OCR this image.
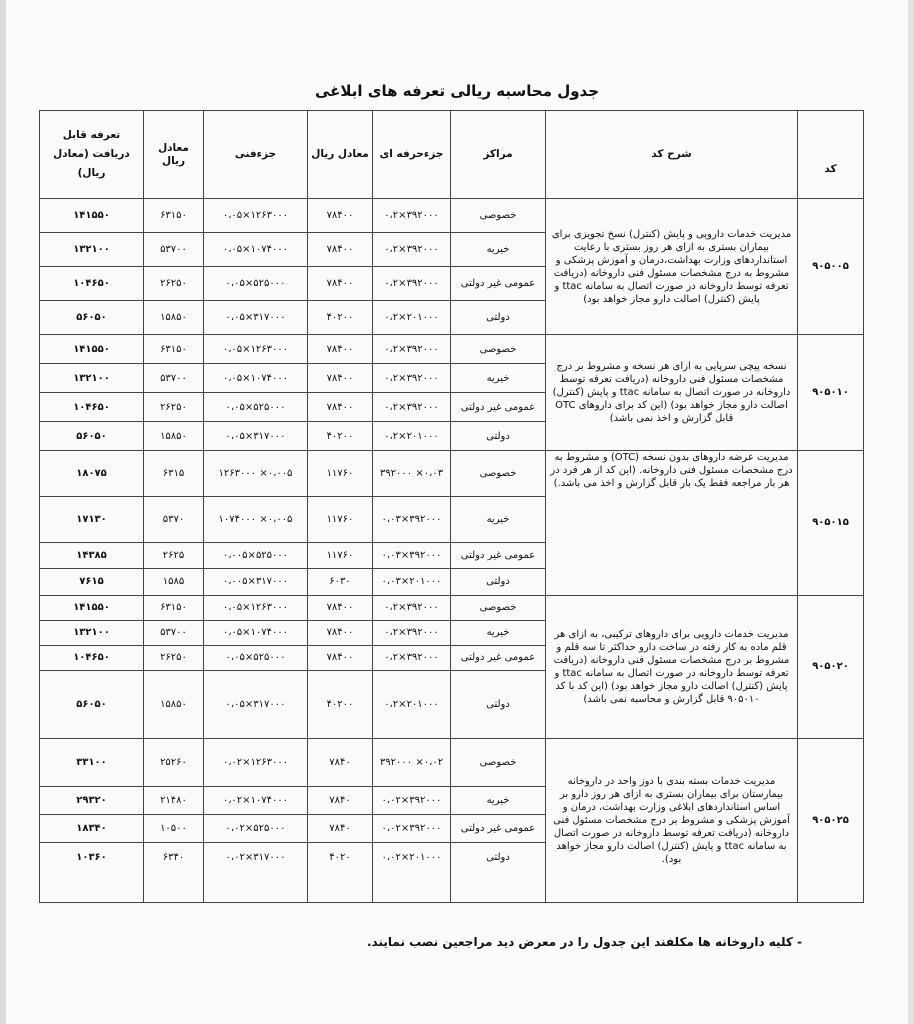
جدول محاسبه ریالی تعرفه های ابلاغی
کد	شرح کد	مراکز	جزءحرفه ای	معادل ریال	جزءفنی	معادل ریال	تعرفه قابل دریافت (معادل ریال)
۹۰۵۰۰۵	مدیریت خدمات دارویی و پایش (کنترل) نسخ تجویزی برای بیماران بستری به ازای هر روز بستری با رعایت استانداردهای وزارت بهداشت،درمان و آموزش پزشکی و مشروط به درج مشخصات مسئول فنی داروخانه (دریافت تعرفه توسط داروخانه در صورت اتصال به سامانه ttac و پایش (کنترل) اصالت دارو مجاز خواهد بود)	خصوصی	۳۹۲۰۰۰×۰،۲	۷۸۴۰۰	۱۲۶۳۰۰۰×۰،۰۵	۶۳۱۵۰	۱۴۱۵۵۰
		خیریه	۳۹۲۰۰۰×۰،۲	۷۸۴۰۰	۱۰۷۴۰۰۰×۰،۰۵	۵۳۷۰۰	۱۳۲۱۰۰
		عمومی غیر دولتی	۳۹۲۰۰۰×۰،۲	۷۸۴۰۰	۵۲۵۰۰۰×۰،۰۵	۲۶۲۵۰	۱۰۴۶۵۰
		دولتی	۲۰۱۰۰۰×۰،۲	۴۰۲۰۰	۳۱۷۰۰۰×۰،۰۵	۱۵۸۵۰	۵۶۰۵۰
۹۰۵۰۱۰	نسخه پیچی سرپایی به ازای هر نسخه و مشروط بر درج مشخصات مسئول فنی داروخانه (دریافت تعرفه توسط داروخانه در صورت اتصال به سامانه ttac و پایش (کنترل) اصالت دارو مجاز خواهد بود) (این کد برای داروهای OTC قابل گزارش و اخذ نمی باشد)	خصوصی	۳۹۲۰۰۰×۰،۲	۷۸۴۰۰	۱۲۶۳۰۰۰×۰،۰۵	۶۳۱۵۰	۱۴۱۵۵۰
		خیریه	۳۹۲۰۰۰×۰،۲	۷۸۴۰۰	۱۰۷۴۰۰۰×۰،۰۵	۵۳۷۰۰	۱۳۲۱۰۰
		عمومی غیر دولتی	۳۹۲۰۰۰×۰،۲	۷۸۴۰۰	۵۲۵۰۰۰×۰،۰۵	۲۶۲۵۰	۱۰۴۶۵۰
		دولتی	۲۰۱۰۰۰×۰،۲	۴۰۲۰۰	۳۱۷۰۰۰×۰،۰۵	۱۵۸۵۰	۵۶۰۵۰
۹۰۵۰۱۵	مدیریت عرضه داروهای بدون نسخه (OTC) و مشروط به درج مشخصات مسئول فنی داروخانه. (این کد از هر فرد در هر بار مراجعه فقط یک بار قابل گزارش و اخذ می باشد.)	خصوصی	۰،۰۳× ۳۹۲۰۰۰	۱۱۷۶۰	۰،۰۰۵× ۱۲۶۳۰۰۰	۶۳۱۵	۱۸۰۷۵
		خیریه	۳۹۲۰۰۰×۰،۰۳	۱۱۷۶۰	۰،۰۰۵× ۱۰۷۴۰۰۰	۵۳۷۰	۱۷۱۳۰
		عمومی غیر دولتی	۳۹۲۰۰۰×۰،۰۳	۱۱۷۶۰	۵۲۵۰۰۰×۰،۰۰۵	۲۶۲۵	۱۴۳۸۵
		دولتی	۲۰۱۰۰۰×۰،۰۳	۶۰۳۰	۳۱۷۰۰۰×۰،۰۰۵	۱۵۸۵	۷۶۱۵
۹۰۵۰۲۰	مدیریت خدمات دارویی برای داروهای ترکیبی، به ازای هر قلم ماده به کار رفته در ساخت دارو حداکثر تا سه قلم و مشروط بر درج مشخصات مسئول فنی داروخانه (دریافت تعرفه توسط داروخانه در صورت اتصال به سامانه ttac و پایش (کنترل) اصالت دارو مجاز خواهد بود) (این کد با کد ۹۰۵۰۱۰ قابل گزارش و محاسبه نمی باشد)	خصوصی	۳۹۲۰۰۰×۰،۲	۷۸۴۰۰	۱۲۶۳۰۰۰×۰،۰۵	۶۳۱۵۰	۱۴۱۵۵۰
		خیریه	۳۹۲۰۰۰×۰،۲	۷۸۴۰۰	۱۰۷۴۰۰۰×۰،۰۵	۵۳۷۰۰	۱۳۲۱۰۰
		عمومی غیر دولتی	۳۹۲۰۰۰×۰،۲	۷۸۴۰۰	۵۲۵۰۰۰×۰،۰۵	۲۶۲۵۰	۱۰۴۶۵۰
		دولتی	۲۰۱۰۰۰×۰،۲	۴۰۲۰۰	۳۱۷۰۰۰×۰،۰۵	۱۵۸۵۰	۵۶۰۵۰
۹۰۵۰۲۵	مدیریت خدمات بسته بندی با دوز واحد در داروخانه بیمارستان برای بیماران بستری به ازای هر روز دارو بر اساس استانداردهای ابلاغی وزارت بهداشت، درمان و آموزش پزشکی و مشروط بر درج مشخصات مسئول فنی داروخانه (دریافت تعرفه توسط داروخانه در صورت اتصال به سامانه ttac و پایش (کنترل) اصالت دارو مجاز خواهد بود).	خصوصی	۰،۰۲× ۳۹۲۰۰۰	۷۸۴۰	۱۲۶۳۰۰۰×۰،۰۲	۲۵۲۶۰	۳۳۱۰۰
		خیریه	۳۹۲۰۰۰×۰،۰۲	۷۸۴۰	۱۰۷۴۰۰۰×۰،۰۲	۲۱۴۸۰	۲۹۳۲۰
		عمومی غیر دولتی	۳۹۲۰۰۰×۰،۰۲	۷۸۴۰	۵۲۵۰۰۰×۰،۰۲	۱۰۵۰۰	۱۸۳۴۰
		دولتی	۲۰۱۰۰۰×۰،۰۲	۴۰۲۰	۳۱۷۰۰۰×۰،۰۲	۶۳۴۰	۱۰۳۶۰
- کلیه داروخانه ها مکلفند این جدول را در معرض دید مراجعین نصب نمایند.
